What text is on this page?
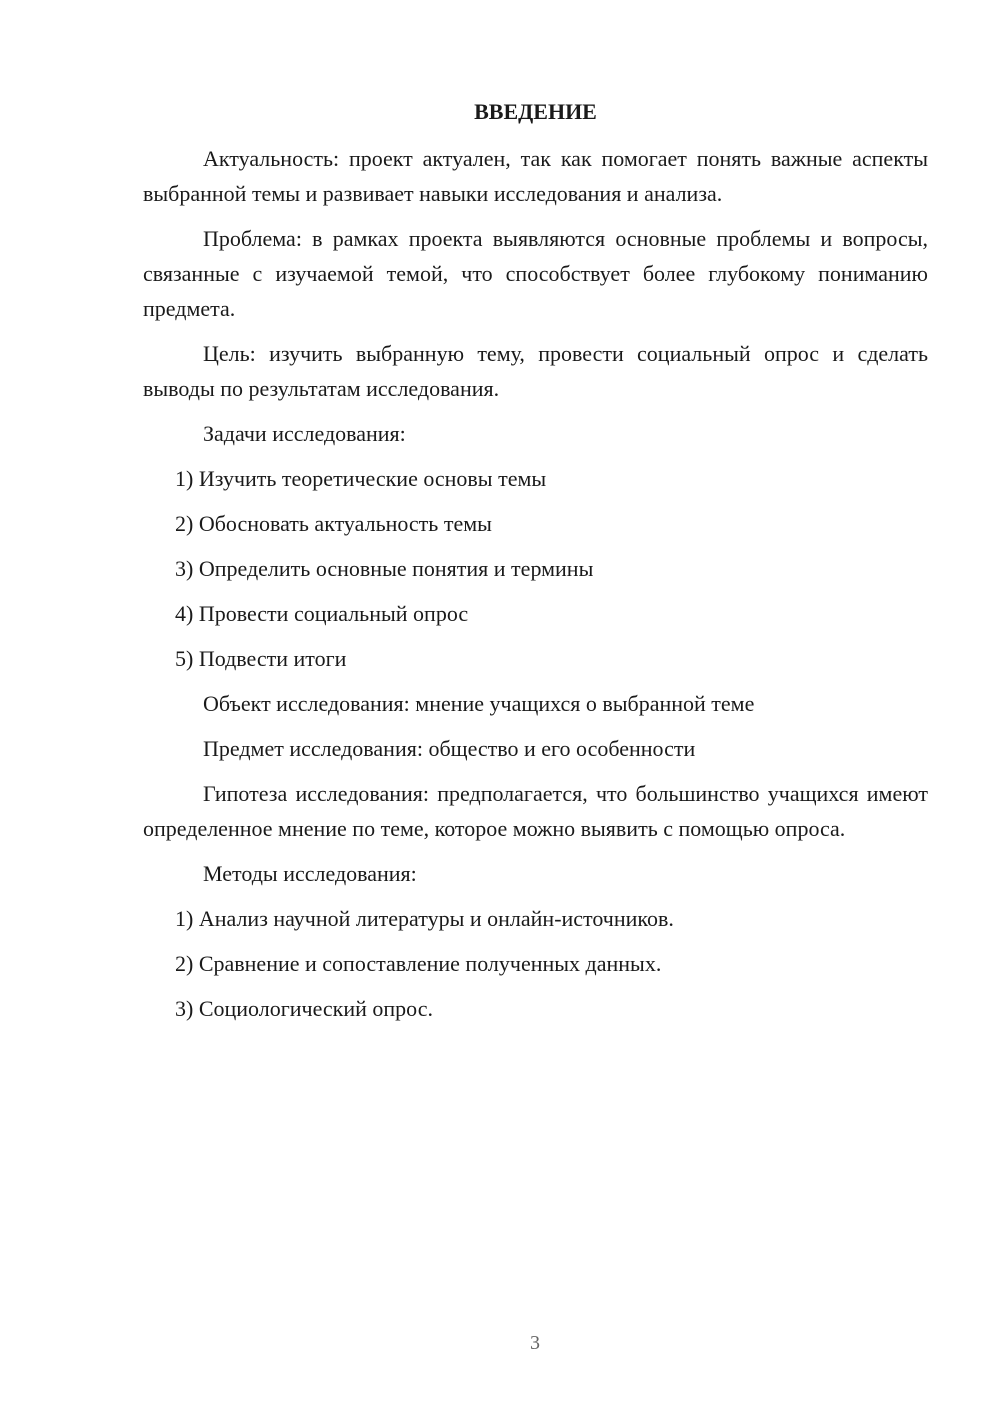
ВВЕДЕНИЕ

Актуальность: проект актуален, так как помогает понять важные аспекты выбранной темы и развивает навыки исследования и анализа.

Проблема: в рамках проекта выявляются основные проблемы и вопросы, связанные с изучаемой темой, что способствует более глубокому пониманию предмета.

Цель: изучить выбранную тему, провести социальный опрос и сделать выводы по результатам исследования.

Задачи исследования:

1) Изучить теоретические основы темы
2) Обосновать актуальность темы
3) Определить основные понятия и термины
4) Провести социальный опрос
5) Подвести итоги

Объект исследования: мнение учащихся о выбранной теме

Предмет исследования: общество и его особенности

Гипотеза исследования: предполагается, что большинство учащихся имеют определенное мнение по теме, которое можно выявить с помощью опроса.

Методы исследования:

1) Анализ научной литературы и онлайн-источников.
2) Сравнение и сопоставление полученных данных.
3) Социологический опрос.
3
